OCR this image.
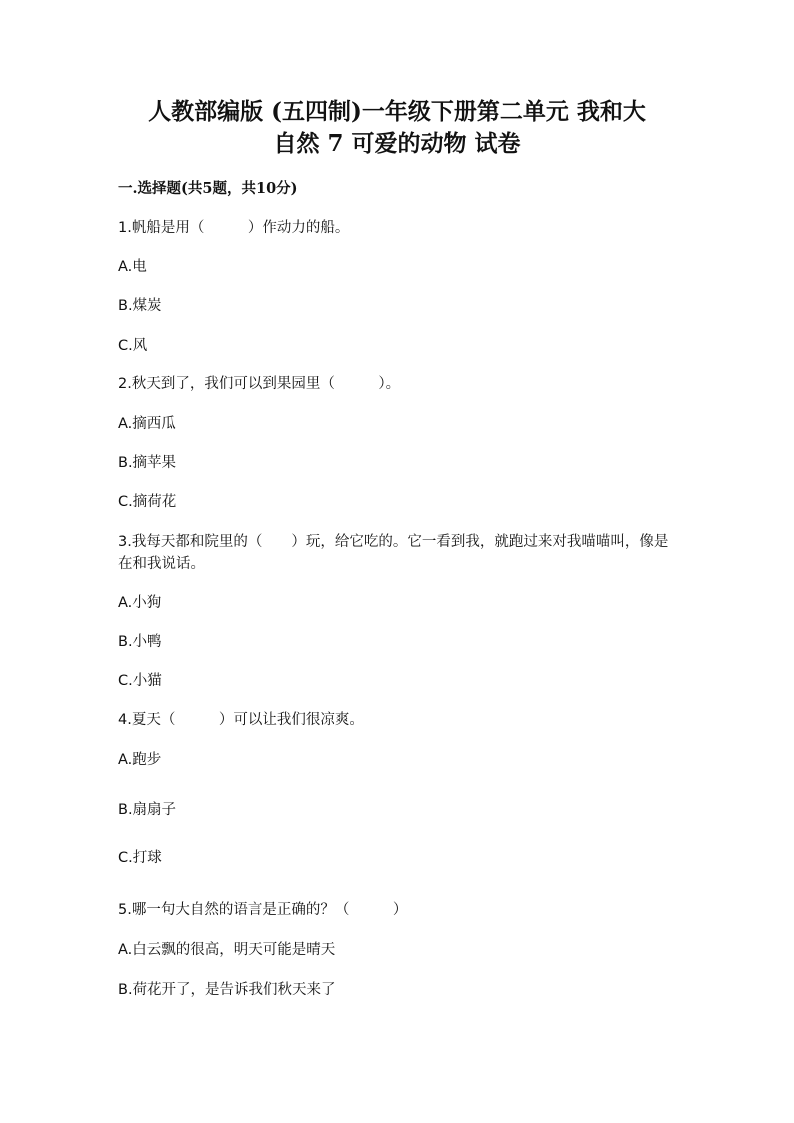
人教部编版 (五四制)一年级下册第二单元 我和大
自然 7 可爱的动物 试卷
一.选择题(共5题，共10分)
1.帆船是用（　　　）作动力的船。
A.电
B.煤炭
C.风
2.秋天到了，我们可以到果园里（　　　）。
A.摘西瓜
B.摘苹果
C.摘荷花
3.我每天都和院里的（　　）玩，给它吃的。它一看到我，就跑过来对我喵喵叫，像是在和我说话。
A.小狗
B.小鸭
C.小猫
4.夏天（　　　）可以让我们很凉爽。
A.跑步
B.扇扇子
C.打球
5.哪一句大自然的语言是正确的？（　　　）
A.白云飘的很高，明天可能是晴天
B.荷花开了，是告诉我们秋天来了
